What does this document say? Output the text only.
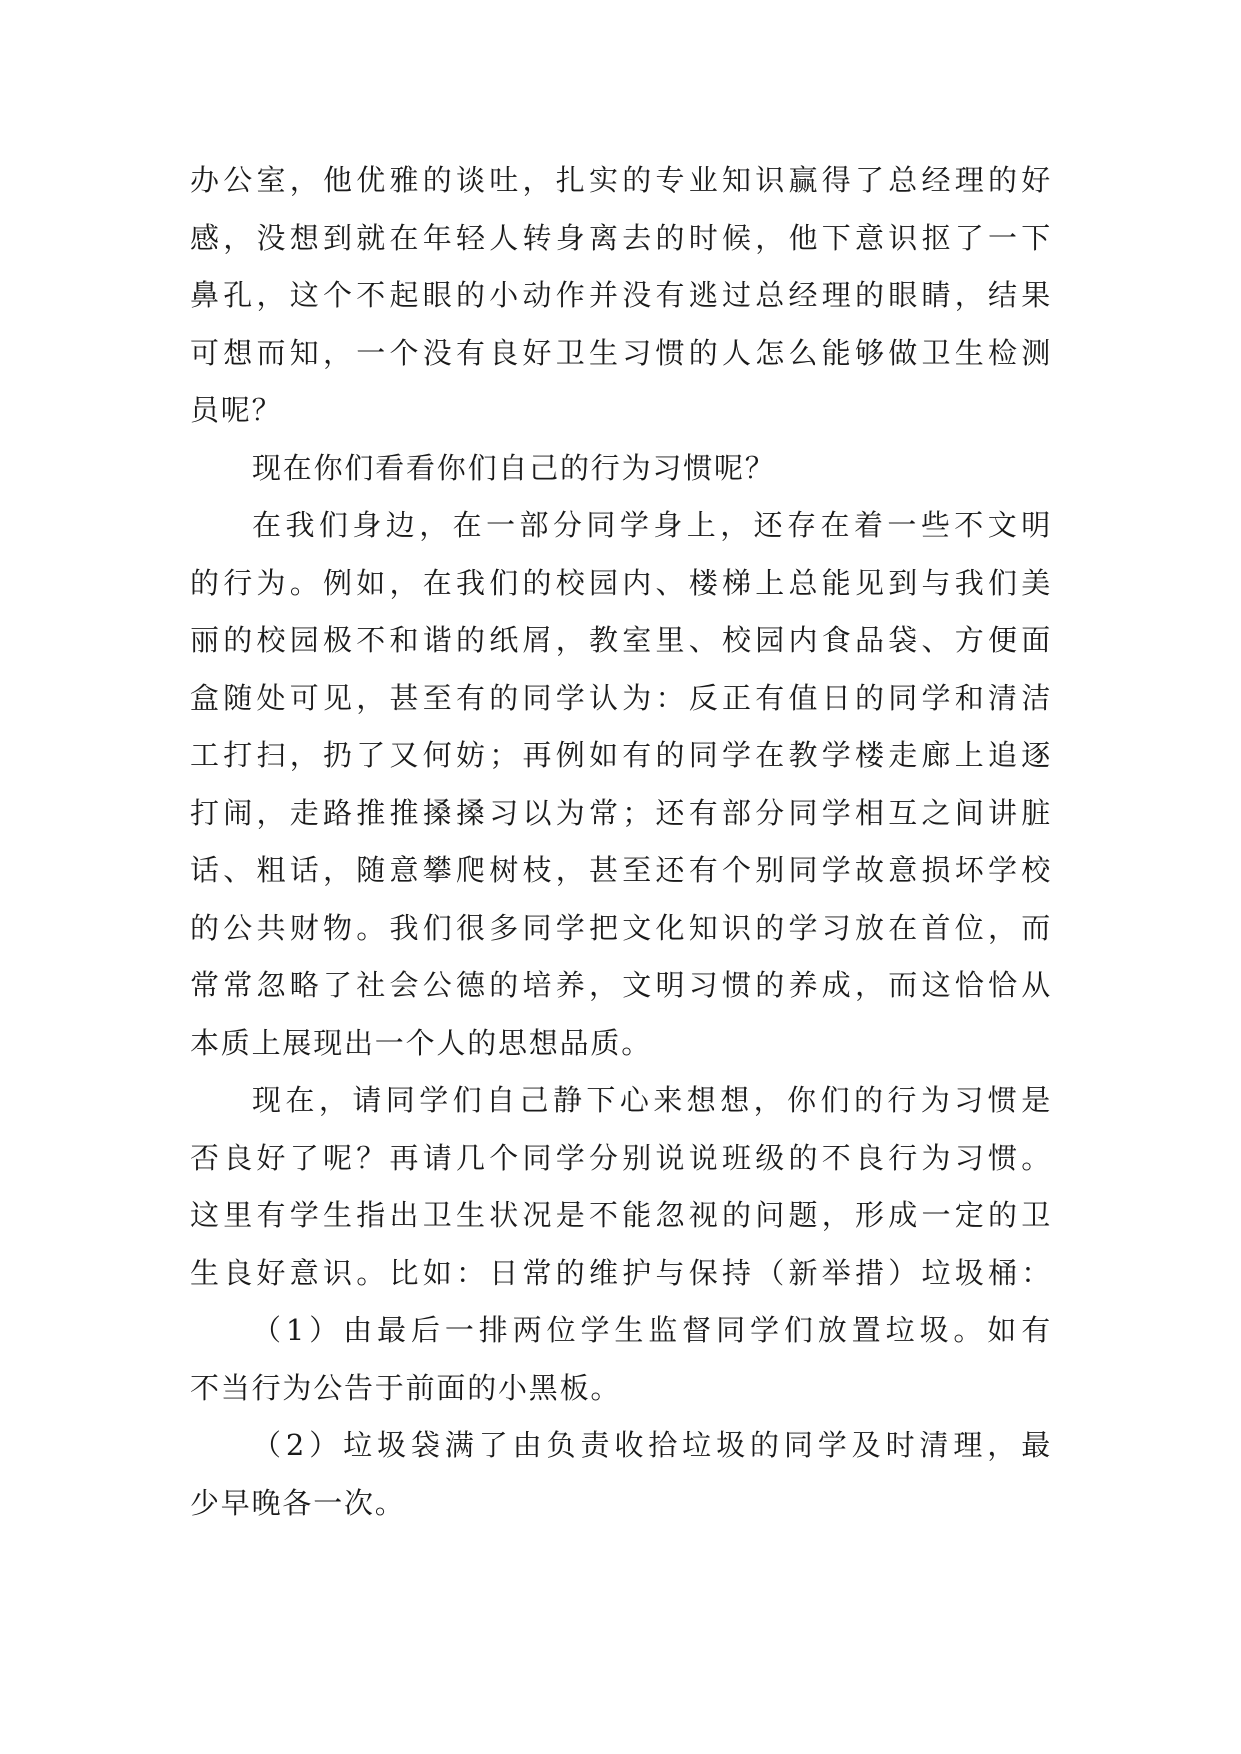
办公室，他优雅的谈吐，扎实的专业知识赢得了总经理的好
感，没想到就在年轻人转身离去的时候，他下意识抠了一下
鼻孔，这个不起眼的小动作并没有逃过总经理的眼睛，结果
可想而知，一个没有良好卫生习惯的人怎么能够做卫生检测
员呢？

现在你们看看你们自己的行为习惯呢？

在我们身边，在一部分同学身上，还存在着一些不文明
的行为。例如，在我们的校园内、楼梯上总能见到与我们美
丽的校园极不和谐的纸屑，教室里、校园内食品袋、方便面
盒随处可见，甚至有的同学认为：反正有值日的同学和清洁
工打扫，扔了又何妨；再例如有的同学在教学楼走廊上追逐
打闹，走路推推搡搡习以为常；还有部分同学相互之间讲脏
话、粗话，随意攀爬树枝，甚至还有个别同学故意损坏学校
的公共财物。我们很多同学把文化知识的学习放在首位，而
常常忽略了社会公德的培养，文明习惯的养成，而这恰恰从
本质上展现出一个人的思想品质。

现在，请同学们自己静下心来想想，你们的行为习惯是
否良好了呢？再请几个同学分别说说班级的不良行为习惯。
这里有学生指出卫生状况是不能忽视的问题，形成一定的卫
生良好意识。比如：日常的维护与保持（新举措）垃圾桶：

（1）由最后一排两位学生监督同学们放置垃圾。如有
不当行为公告于前面的小黑板。

（2）垃圾袋满了由负责收拾垃圾的同学及时清理，最
少早晚各一次。
